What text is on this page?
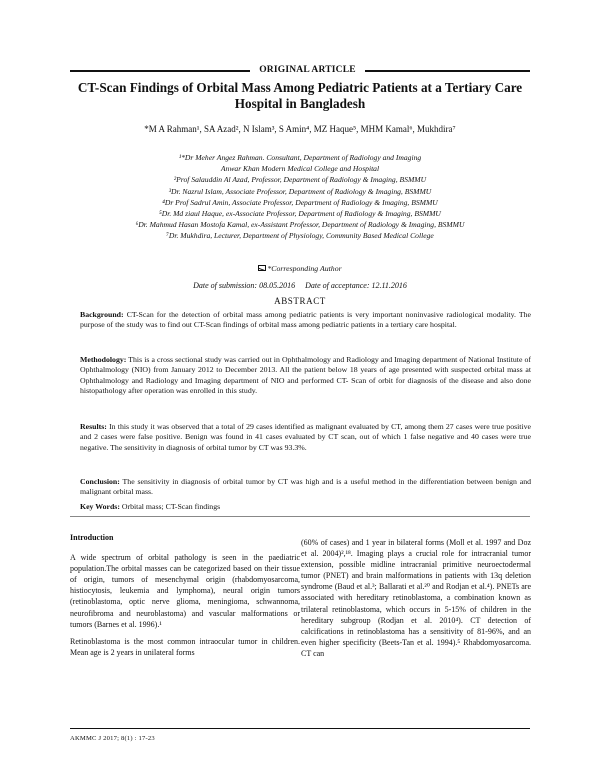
ORIGINAL ARTICLE
CT-Scan Findings of Orbital Mass Among Pediatric Patients at a Tertiary Care
Hospital in Bangladesh
*M A Rahman¹, SA Azad², N Islam³, S Amin⁴, MZ Haque⁵, MHM Kamal⁶, Mukhdira⁷
¹*Dr Meher Angez Rahman. Consultant, Department of Radiology and Imaging
Anwar Khan Modern Medical College and Hospital
²Prof Salauddin Al Azad, Professor, Department of Radiology & Imaging, BSMMU
³Dr. Nazrul Islam, Associate Professor, Department of Radiology & Imaging, BSMMU
⁴Dr Prof Sadrul Amin, Associate Professor, Department of Radiology & Imaging, BSMMU
⁵Dr. Md ziaul Haque, ex-Associate Professor, Department of Radiology & Imaging, BSMMU
⁶Dr. Mahmud Hasan Mostofa Kamal, ex-Assistant Professor, Department of Radiology & Imaging, BSMMU
⁷Dr. Mukhdira, Lecturer, Department of Physiology, Community Based Medical College
*Corresponding Author
Date of submission: 08.05.2016 Date of acceptance: 12.11.2016
ABSTRACT
Background: CT-Scan for the detection of orbital mass among pediatric patients is very important noninvasive radiological modality. The purpose of the study was to find out CT-Scan findings of orbital mass among pediatric patients in a tertiary care hospital.
Methodology: This is a cross sectional study was carried out in Ophthalmology and Radiology and Imaging department of National Institute of Ophthalmology (NIO) from January 2012 to December 2013. All the patient below 18 years of age presented with suspected orbital mass at Ophthalmology and Radiology and Imaging department of NIO and performed CT- Scan of orbit for diagnosis of the disease and also done histopathology after operation was enrolled in this study.
Results: In this study it was observed that a total of 29 cases identified as malignant evaluated by CT, among them 27 cases were true positive and 2 cases were false positive. Benign was found in 41 cases evaluated by CT scan, out of which 1 false negative and 40 cases were true negative. The sensitivity in diagnosis of orbital tumor by CT was 93.3%.
Conclusion: The sensitivity in diagnosis of orbital tumor by CT was high and is a useful method in the differentiation between benign and malignant orbital mass.
Key Words: Orbital mass; CT-Scan findings
Introduction

A wide spectrum of orbital pathology is seen in the paediatric population.The orbital masses can be categorized based on their tissue of origin, tumors of mesenchymal origin (rhabdomyosarcoma, histiocytosis, leukemia and lymphoma), neural origin tumors (retinoblastoma, optic nerve glioma, meningioma, schwannoma, neurofibroma and neuroblastoma) and vascular malformations or tumors (Barnes et al. 1996).¹

Retinoblastoma is the most common intraocular tumor in children. Mean age is 2 years in unilateral forms

(60% of cases) and 1 year in bilateral forms (Moll et al. 1997 and Doz et al. 2004)²,¹⁸. Imaging plays a crucial role for intracranial tumor extension, possible midline intracranial primitive neuroectodermal tumor (PNET) and brain malformations in patients with 13q deletion syndrome (Baud et al.³; Ballarati et al.²⁰ and Rodjan et al.⁴). PNETs are associated with hereditary retinoblastoma, a combination known as trilateral retinoblastoma, which occurs in 5-15% of children in the hereditary subgroup (Rodjan et al. 2010⁴). CT detection of calcifications in retinoblastoma has a sensitivity of 81-96%, and an even higher specificity (Beets-Tan et al. 1994).⁵ Rhabdomyosarcoma. CT can

AKMMC J 2017; 8(1) : 17-23
